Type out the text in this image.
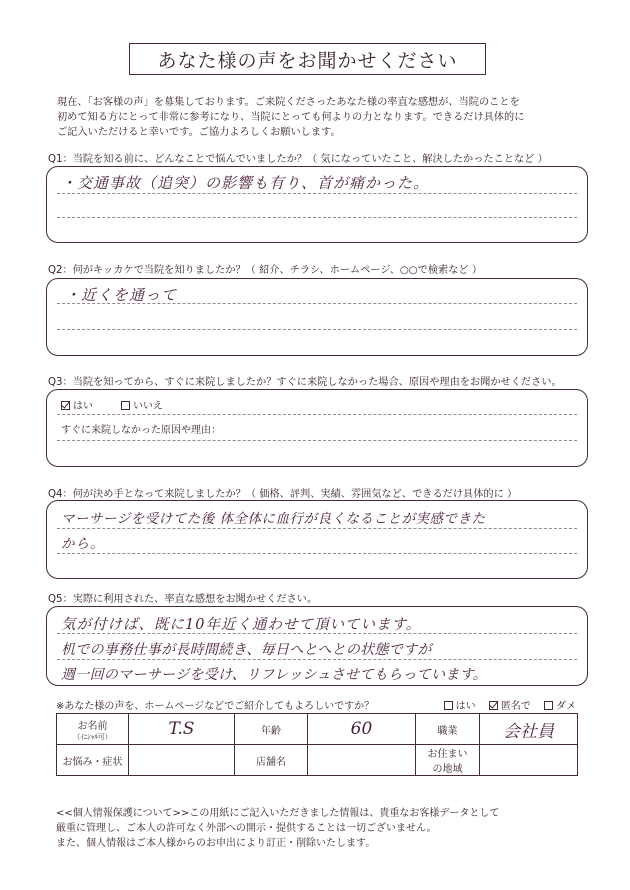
あなた様の声をお聞かせください
現在、「お客様の声」を募集しております。ご来院くださったあなた様の率直な感想が、当院のことを
初めて知る方にとって非常に参考になり、当院にとっても何よりの力となります。できるだけ具体的に
ご記入いただけると幸いです。ご協力よろしくお願いします。
Q1：当院を知る前に、どんなことで悩んでいましたか？（ 気になっていたこと、解決したかったことなど ）
・交通事故（追突）の影響も有り、首が痛かった。
Q2：何がキッカケで当院を知りましたか？（ 紹介、チラシ、ホームページ、○○で検索など ）
・近くを通って
Q3：当院を知ってから、すぐに来院しましたか？すぐに来院しなかった場合、原因や理由をお聞かせください。
はい	いいえ
すぐに来院しなかった原因や理由：
Q4：何が決め手となって来院しましたか？（ 価格、評判、実績、雰囲気など、できるだけ具体的に ）
マーサージを受けてた後 体全体に血行が良くなることが実感できた
から。
Q5：実際に利用された、率直な感想をお聞かせください。
気が付けば、既に10年近く通わせて頂いています。
机での事務仕事が長時間続き、毎日へとへとの状態ですが
週一回のマーサージを受け、リフレッシュさせてもらっています。
※あなた様の声を、ホームページなどでご紹介してもよろしいですか？	はい	匿名で	ダメ
お名前
（ｲﾆｼｬﾙ可）	T.S	年齢	60	職業	会社員
お悩み・症状		店舗名		お住まい
の地域	
<<個人情報保護について>>この用紙にご記入いただきました情報は、貴重なお客様データとして
厳重に管理し、ご本人の許可なく外部への開示・提供することは一切ございません。
また、個人情報はご本人様からのお申出により訂正・削除いたします。
